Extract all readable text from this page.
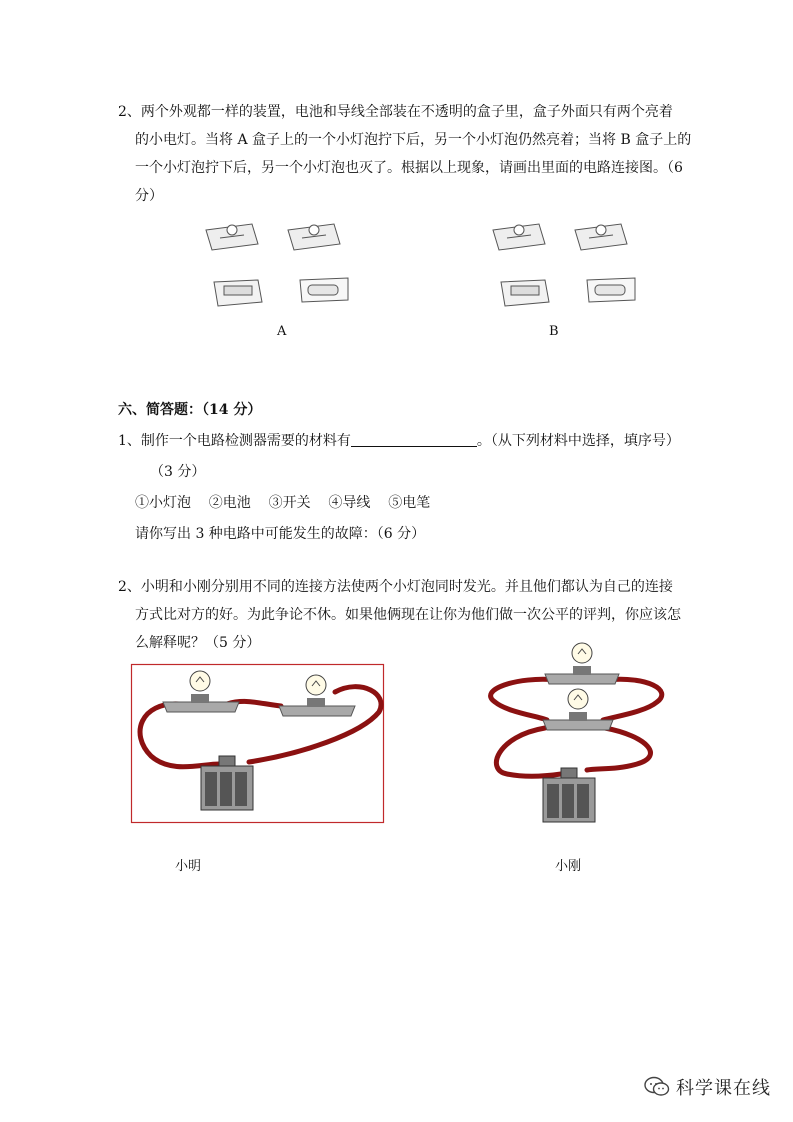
2、两个外观都一样的装置，电池和导线全部装在不透明的盒子里，盒子外面只有两个亮着

的小电灯。当将 A 盒子上的一个小灯泡拧下后，另一个小灯泡仍然亮着；当将 B 盒子上的

一个小灯泡拧下后，另一个小灯泡也灭了。根据以上现象，请画出里面的电路连接图。（6

分）

A	B

六、简答题：（14 分）

1、制作一个电路检测器需要的材料有	。（从下列材料中选择，填序号）

（3 分）

①小灯泡    ②电池    ③开关    ④导线    ⑤电笔

请你写出 3 种电路中可能发生的故障：（6 分）

2、小明和小刚分别用不同的连接方法使两个小灯泡同时发光。并且他们都认为自己的连接

方式比对方的好。为此争论不休。如果他俩现在让你为他们做一次公平的评判，你应该怎

么解释呢？（5 分）

小明	小刚
科学课在线
